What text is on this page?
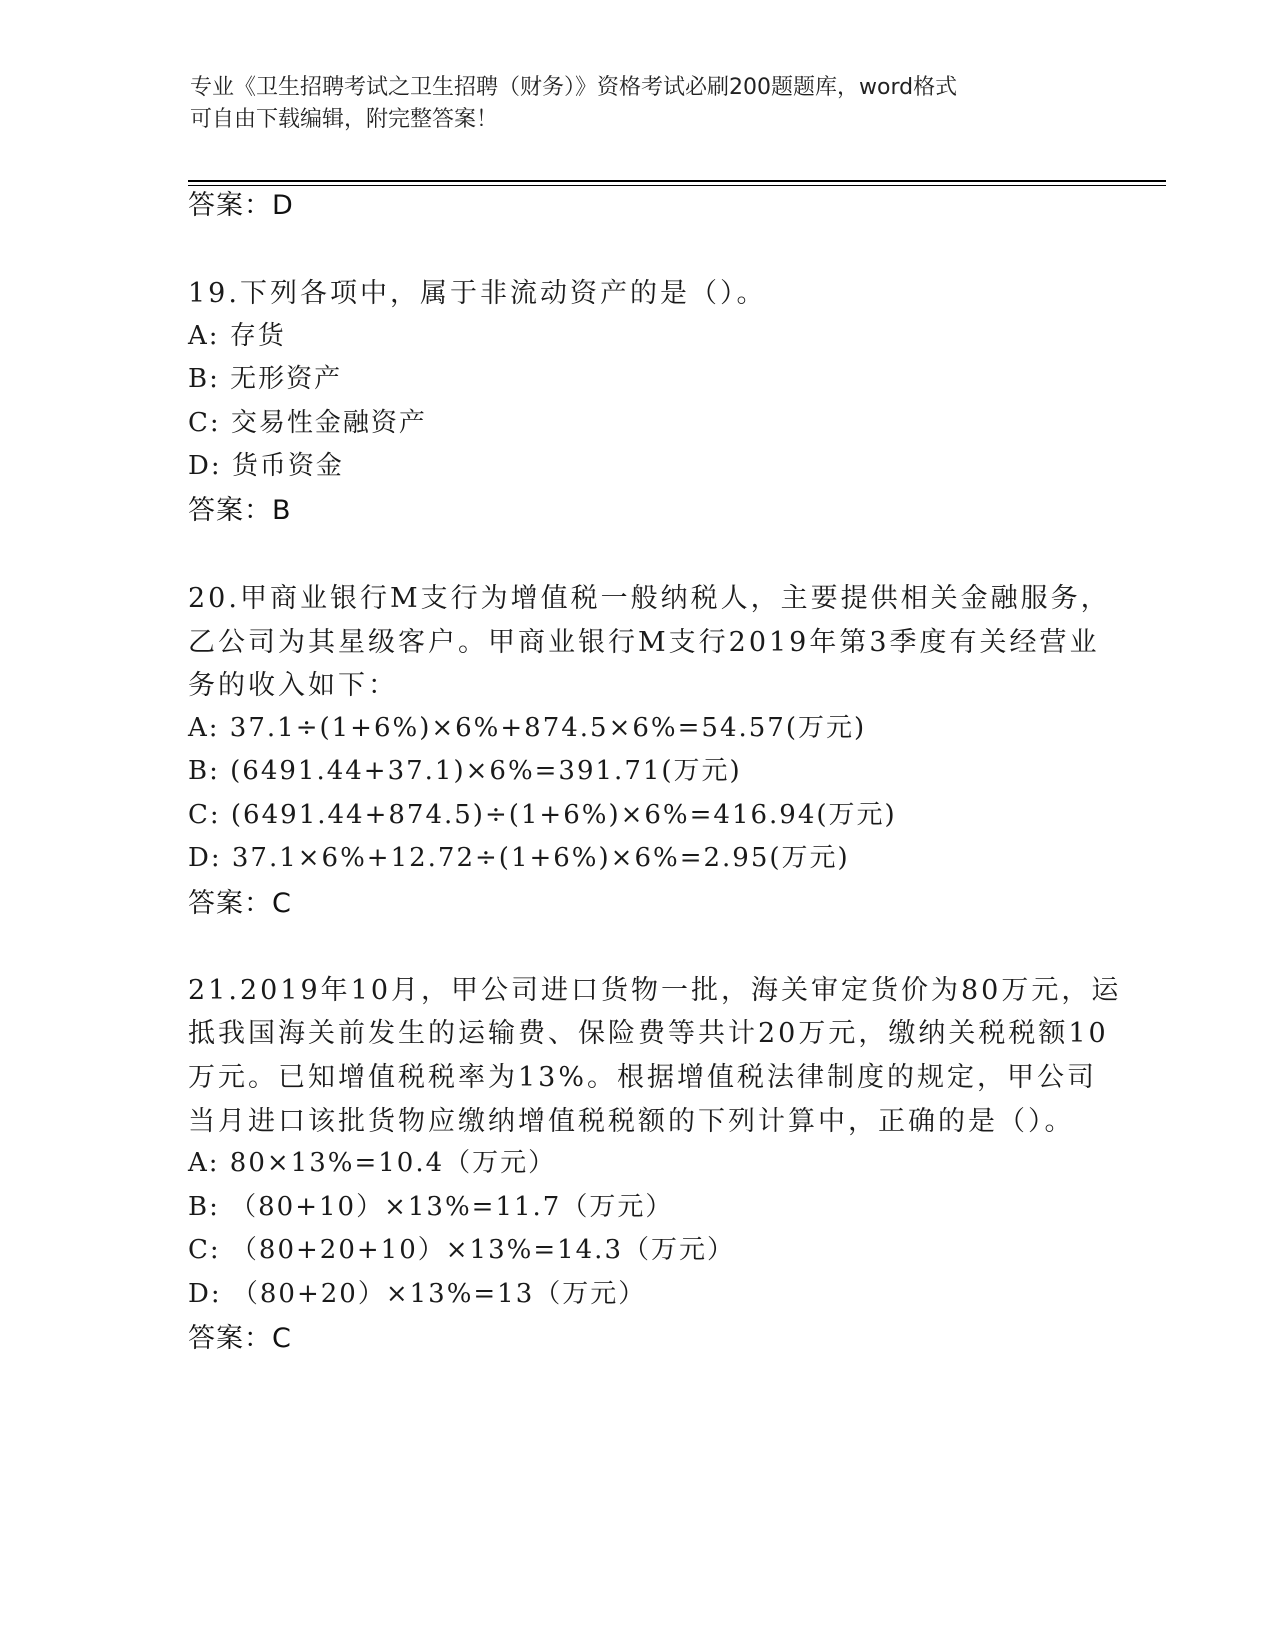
专业《卫生招聘考试之卫生招聘（财务）》资格考试必刷200题题库，word格式
可自由下载编辑，附完整答案！
答案：D
19.下列各项中，属于非流动资产的是（）。
A: 存货
B: 无形资产
C: 交易性金融资产
D: 货币资金
答案：B
20.甲商业银行M支行为增值税一般纳税人，主要提供相关金融服务，
乙公司为其星级客户。甲商业银行M支行2019年第3季度有关经营业
务的收入如下：
A: 37.1÷(1+6%)×6%+874.5×6%=54.57(万元)
B: (6491.44+37.1)×6%=391.71(万元)
C: (6491.44+874.5)÷(1+6%)×6%=416.94(万元)
D: 37.1×6%+12.72÷(1+6%)×6%=2.95(万元)
答案：C
21.2019年10月，甲公司进口货物一批，海关审定货价为80万元，运
抵我国海关前发生的运输费、保险费等共计20万元，缴纳关税税额10
万元。已知增值税税率为13%。根据增值税法律制度的规定，甲公司
当月进口该批货物应缴纳增值税税额的下列计算中，正确的是（）。
A: 80×13%=10.4（万元）
B: （80+10）×13%=11.7（万元）
C: （80+20+10）×13%=14.3（万元）
D: （80+20）×13%=13（万元）
答案：C
